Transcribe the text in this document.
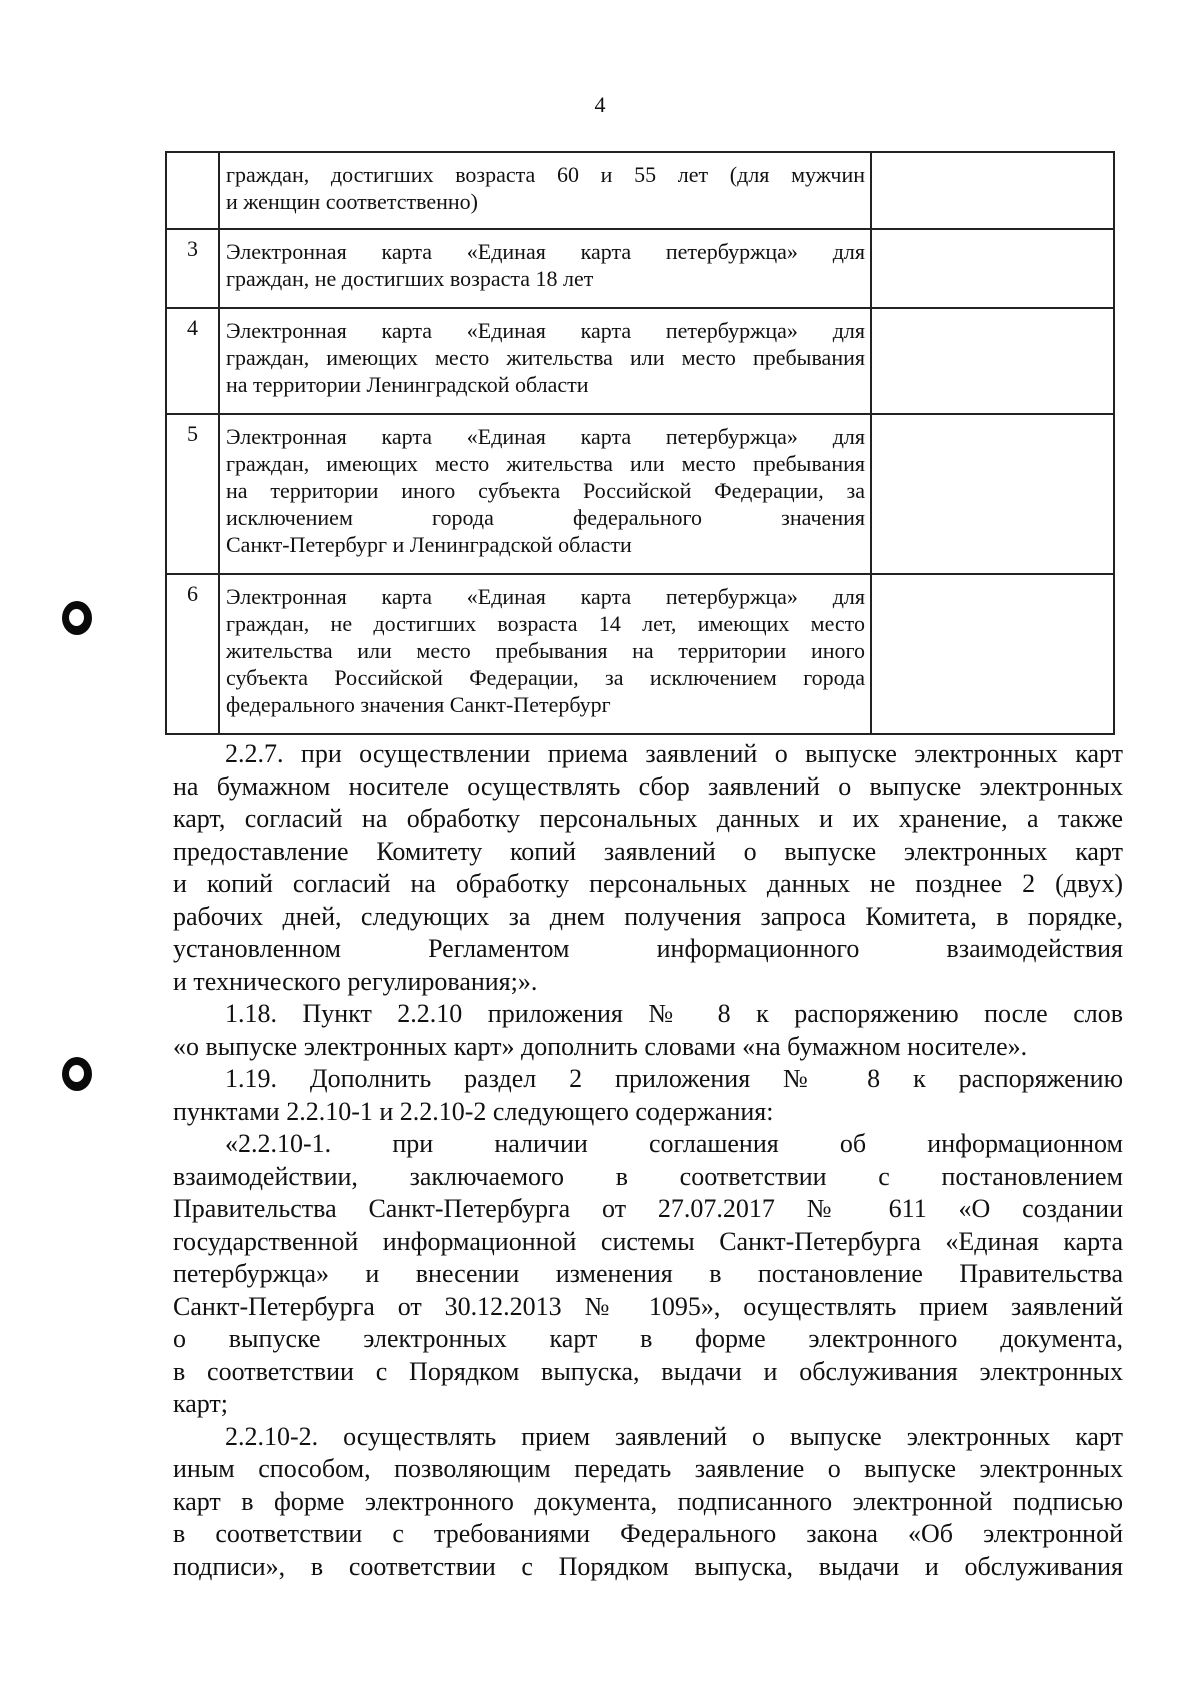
4

	граждан, достигших возраста 60 и 55 лет (для мужчин
и женщин соответственно)	

3	Электронная карта «Единая карта петербуржца» для
граждан, не достигших возраста 18 лет	

4	Электронная карта «Единая карта петербуржца» для
граждан, имеющих место жительства или место пребывания
на территории Ленинградской области	

5	Электронная карта «Единая карта петербуржца» для
граждан, имеющих место жительства или место пребывания
на территории иного субъекта Российской Федерации, за
исключением города федерального значения
Санкт-Петербург и Ленинградской области	

6	Электронная карта «Единая карта петербуржца» для
граждан, не достигших возраста 14 лет, имеющих место
жительства или место пребывания на территории иного
субъекта Российской Федерации, за исключением города
федерального значения Санкт-Петербург	

2.2.7. при осуществлении приема заявлений о выпуске электронных карт
на бумажном носителе осуществлять сбор заявлений о выпуске электронных
карт, согласий на обработку персональных данных и их хранение, а также
предоставление Комитету копий заявлений о выпуске электронных карт
и копий согласий на обработку персональных данных не позднее 2 (двух)
рабочих дней, следующих за днем получения запроса Комитета, в порядке,
установленном Регламентом информационного взаимодействия
и технического регулирования;».
1.18. Пункт 2.2.10 приложения № 8 к распоряжению после слов
«о выпуске электронных карт» дополнить словами «на бумажном носителе».
1.19. Дополнить раздел 2 приложения № 8 к распоряжению
пунктами 2.2.10-1 и 2.2.10-2 следующего содержания:
«2.2.10-1. при наличии соглашения об информационном
взаимодействии, заключаемого в соответствии с постановлением
Правительства Санкт-Петербурга от 27.07.2017 № 611 «О создании
государственной информационной системы Санкт-Петербурга «Единая карта
петербуржца» и внесении изменения в постановление Правительства
Санкт-Петербурга от 30.12.2013 № 1095», осуществлять прием заявлений
о выпуске электронных карт в форме электронного документа,
в соответствии с Порядком выпуска, выдачи и обслуживания электронных
карт;
2.2.10-2. осуществлять прием заявлений о выпуске электронных карт
иным способом, позволяющим передать заявление о выпуске электронных
карт в форме электронного документа, подписанного электронной подписью
в соответствии с требованиями Федерального закона «Об электронной
подписи», в соответствии с Порядком выпуска, выдачи и обслуживания
